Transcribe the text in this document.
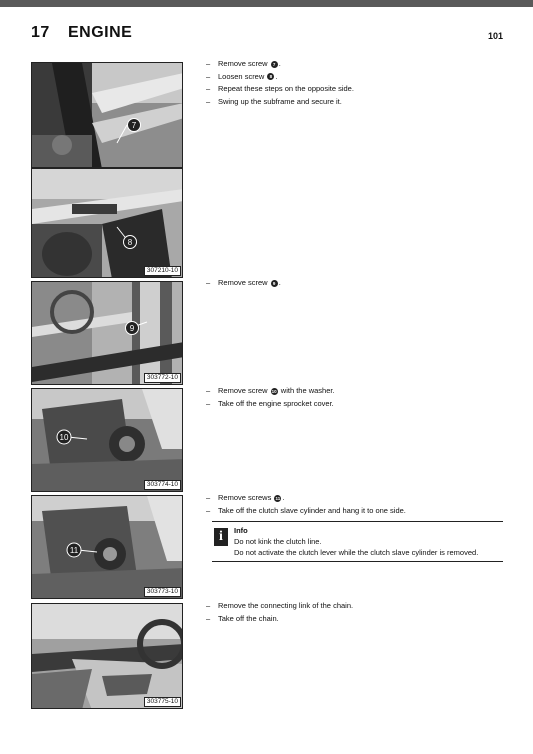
17 ENGINE	101
7
8
307210-10
9
303772-10
10
303774-10
11
303773-10
303775-10
– Remove screw 7 .
– Loosen screw 8 .
– Repeat these steps on the opposite side.
– Swing up the subframe and secure it.
– Remove screw 9 .
– Remove screw 10 with the washer.
– Take off the engine sprocket cover.
– Remove screws 11 .
– Take off the clutch slave cylinder and hang it to one side.
i	Info
Do not kink the clutch line.
Do not activate the clutch lever while the clutch slave cylinder is removed.
– Remove the connecting link of the chain.
– Take off the chain.
